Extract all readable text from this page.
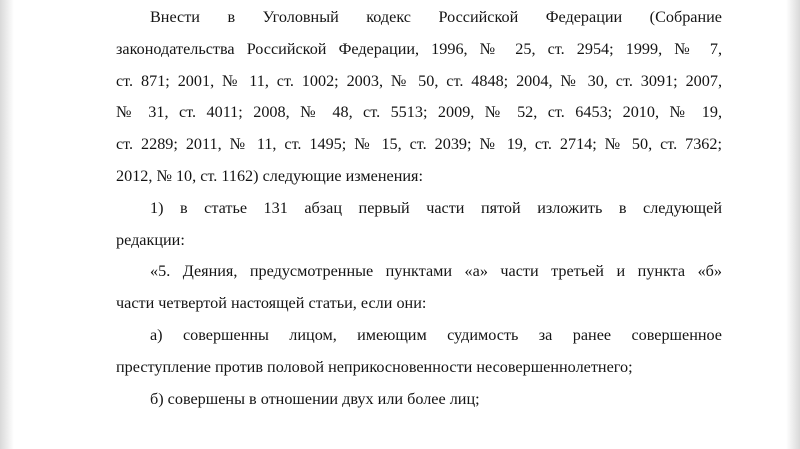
Внести в Уголовный кодекс Российской Федерации (Собрание
законодательства Российской Федерации, 1996, № 25, ст. 2954; 1999, № 7,
ст. 871; 2001, № 11, ст. 1002; 2003, № 50, ст. 4848; 2004, № 30, ст. 3091; 2007,
№ 31, ст. 4011; 2008, № 48, ст. 5513; 2009, № 52, ст. 6453; 2010, № 19,
ст. 2289; 2011, № 11, ст. 1495; № 15, ст. 2039; № 19, ст. 2714; № 50, ст. 7362;
2012, № 10, ст. 1162) следующие изменения:
1) в статье 131 абзац первый части пятой изложить в следующей
редакции:
«5. Деяния, предусмотренные пунктами «а» части третьей и пункта «б»
части четвертой настоящей статьи, если они:
а) совершенны лицом, имеющим судимость за ранее совершенное
преступление против половой неприкосновенности несовершеннолетнего;
б) совершены в отношении двух или более лиц;
